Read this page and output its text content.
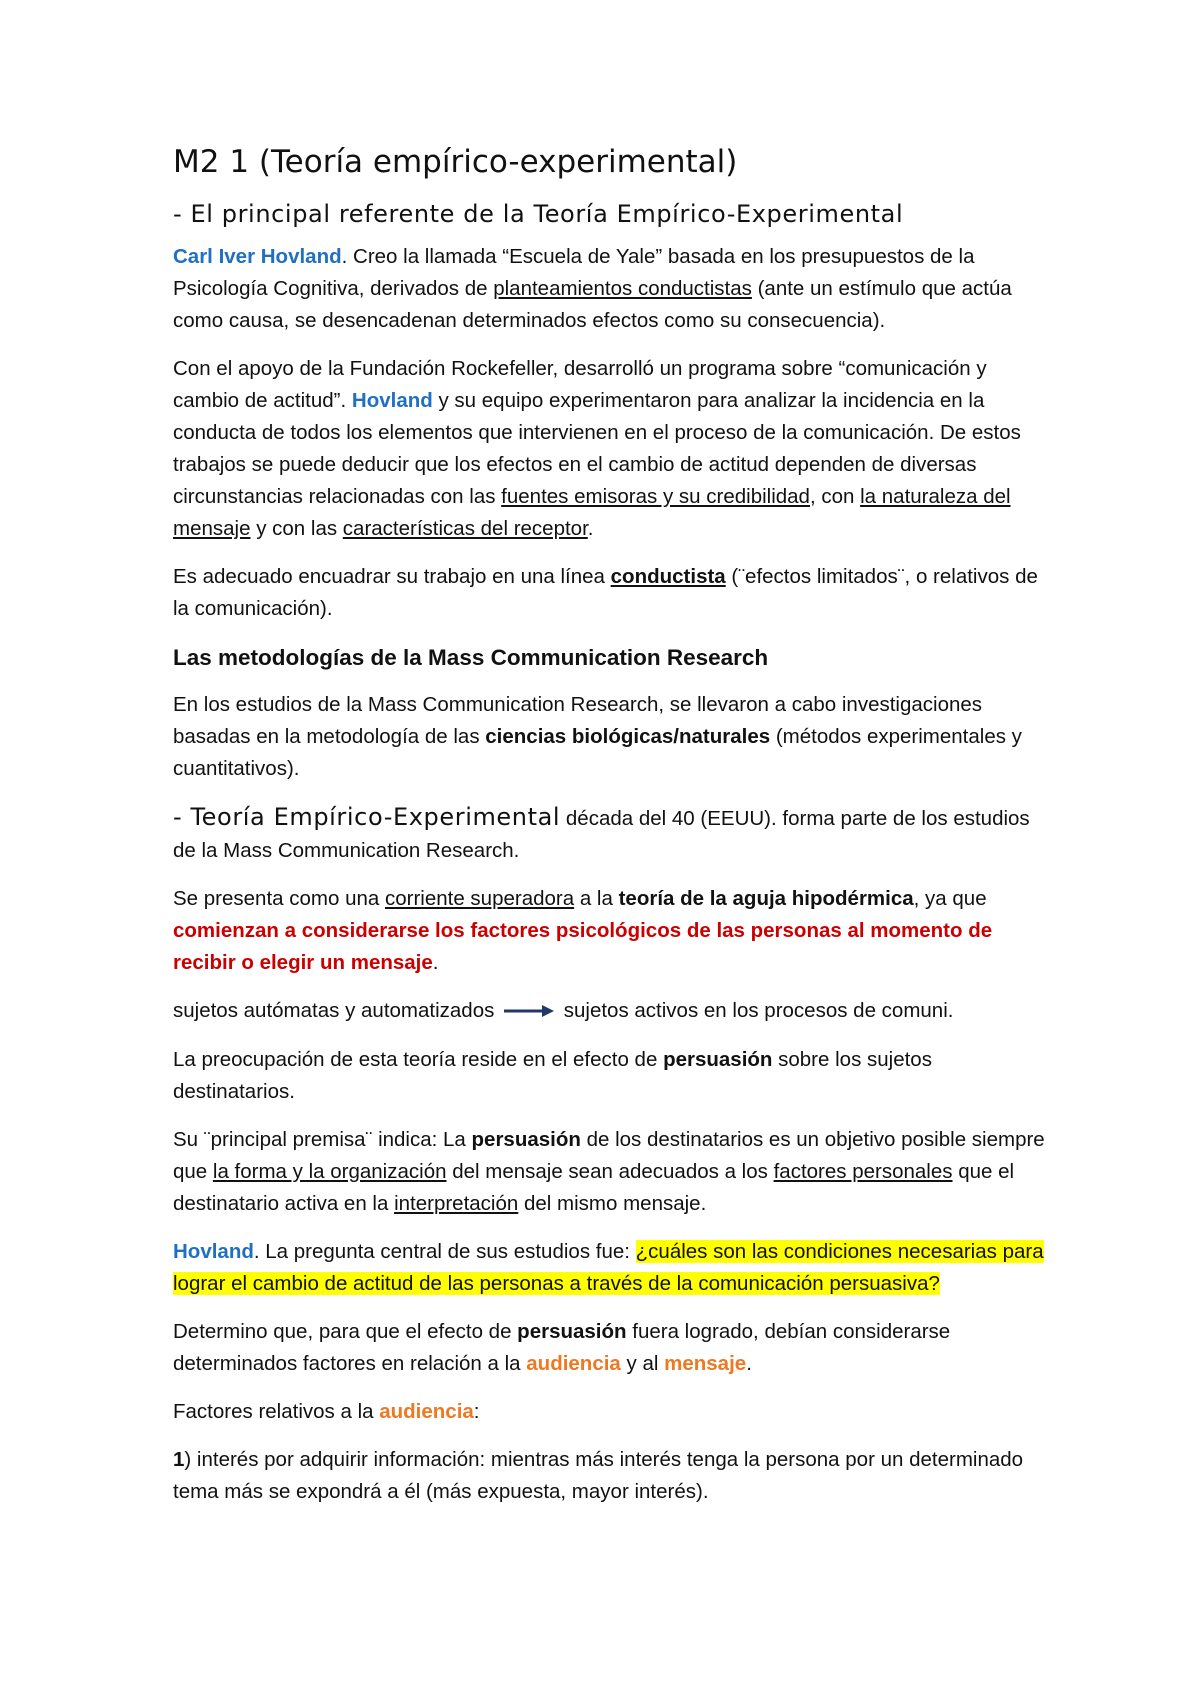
M2 1 (Teoría empírico-experimental)
- El principal referente de la Teoría Empírico-Experimental

Carl Iver Hovland. Creo la llamada “Escuela de Yale” basada en los presupuestos de la Psicología Cognitiva, derivados de planteamientos conductistas (ante un estímulo que actúa como causa, se desencadenan determinados efectos como su consecuencia).

Con el apoyo de la Fundación Rockefeller, desarrolló un programa sobre “comunicación y cambio de actitud”. Hovland y su equipo experimentaron para analizar la incidencia en la conducta de todos los elementos que intervienen en el proceso de la comunicación. De estos trabajos se puede deducir que los efectos en el cambio de actitud dependen de diversas circunstancias relacionadas con las fuentes emisoras y su credibilidad, con la naturaleza del mensaje y con las características del receptor.

Es adecuado encuadrar su trabajo en una línea conductista (¨efectos limitados¨, o relativos de la comunicación).

Las metodologías de la Mass Communication Research

En los estudios de la Mass Communication Research, se llevaron a cabo investigaciones basadas en la metodología de las ciencias biológicas/naturales (métodos experimentales y cuantitativos).

- Teoría Empírico-Experimental década del 40 (EEUU). forma parte de los estudios de la Mass Communication Research.

Se presenta como una corriente superadora a la teoría de la aguja hipodérmica, ya que comienzan a considerarse los factores psicológicos de las personas al momento de recibir o elegir un mensaje.

sujetos autómatas y automatizados	sujetos activos en los procesos de comuni.

La preocupación de esta teoría reside en el efecto de persuasión sobre los sujetos destinatarios.

Su ¨principal premisa¨ indica: La persuasión de los destinatarios es un objetivo posible siempre que la forma y la organización del mensaje sean adecuados a los factores personales que el destinatario activa en la interpretación del mismo mensaje.

Hovland. La pregunta central de sus estudios fue: ¿cuáles son las condiciones necesarias para lograr el cambio de actitud de las personas a través de la comunicación persuasiva?

Determino que, para que el efecto de persuasión fuera logrado, debían considerarse determinados factores en relación a la audiencia y al mensaje.

Factores relativos a la audiencia:

1) interés por adquirir información: mientras más interés tenga la persona por un determinado tema más se expondrá a él (más expuesta, mayor interés).
